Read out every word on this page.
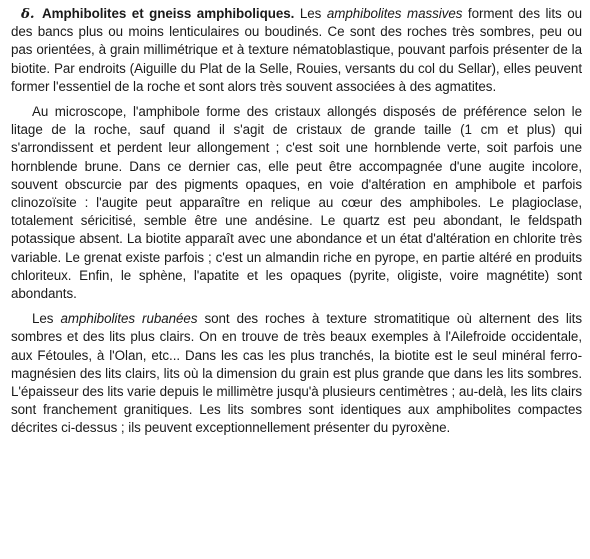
δ. Amphibolites et gneiss amphiboliques. Les amphibolites massives forment des lits ou des bancs plus ou moins lenticulaires ou boudinés. Ce sont des roches très sombres, peu ou pas orientées, à grain millimétrique et à texture nématoblastique, pouvant parfois présenter de la biotite. Par endroits (Aiguille du Plat de la Selle, Rouies, versants du col du Sellar), elles peuvent former l'essentiel de la roche et sont alors très souvent associées à des agmatites.

Au microscope, l'amphibole forme des cristaux allongés disposés de préférence selon le litage de la roche, sauf quand il s'agit de cristaux de grande taille (1 cm et plus) qui s'arrondissent et perdent leur allongement ; c'est soit une hornblende verte, soit parfois une hornblende brune. Dans ce dernier cas, elle peut être accompagnée d'une augite incolore, souvent obscurcie par des pigments opaques, en voie d'altération en amphibole et parfois clinozoïsite : l'augite peut apparaître en relique au cœur des amphiboles. Le plagioclase, totalement séricitisé, semble être une andésine. Le quartz est peu abondant, le feldspath potassique absent. La biotite apparaît avec une abondance et un état d'altération en chlorite très variable. Le grenat existe parfois ; c'est un almandin riche en pyrope, en partie altéré en produits chloriteux. Enfin, le sphène, l'apatite et les opaques (pyrite, oligiste, voire magnétite) sont abondants.

Les amphibolites rubanées sont des roches à texture stromatitique où alternent des lits sombres et des lits plus clairs. On en trouve de très beaux exemples à l'Ailefroide occidentale, aux Fétoules, à l'Olan, etc... Dans les cas les plus tranchés, la biotite est le seul minéral ferro-magnésien des lits clairs, lits où la dimension du grain est plus grande que dans les lits sombres. L'épaisseur des lits varie depuis le millimètre jusqu'à plusieurs centimètres ; au-delà, les lits clairs sont franchement granitiques. Les lits sombres sont identiques aux amphibolites compactes décrites ci-dessus ; ils peuvent exceptionnellement présenter du pyroxène.
